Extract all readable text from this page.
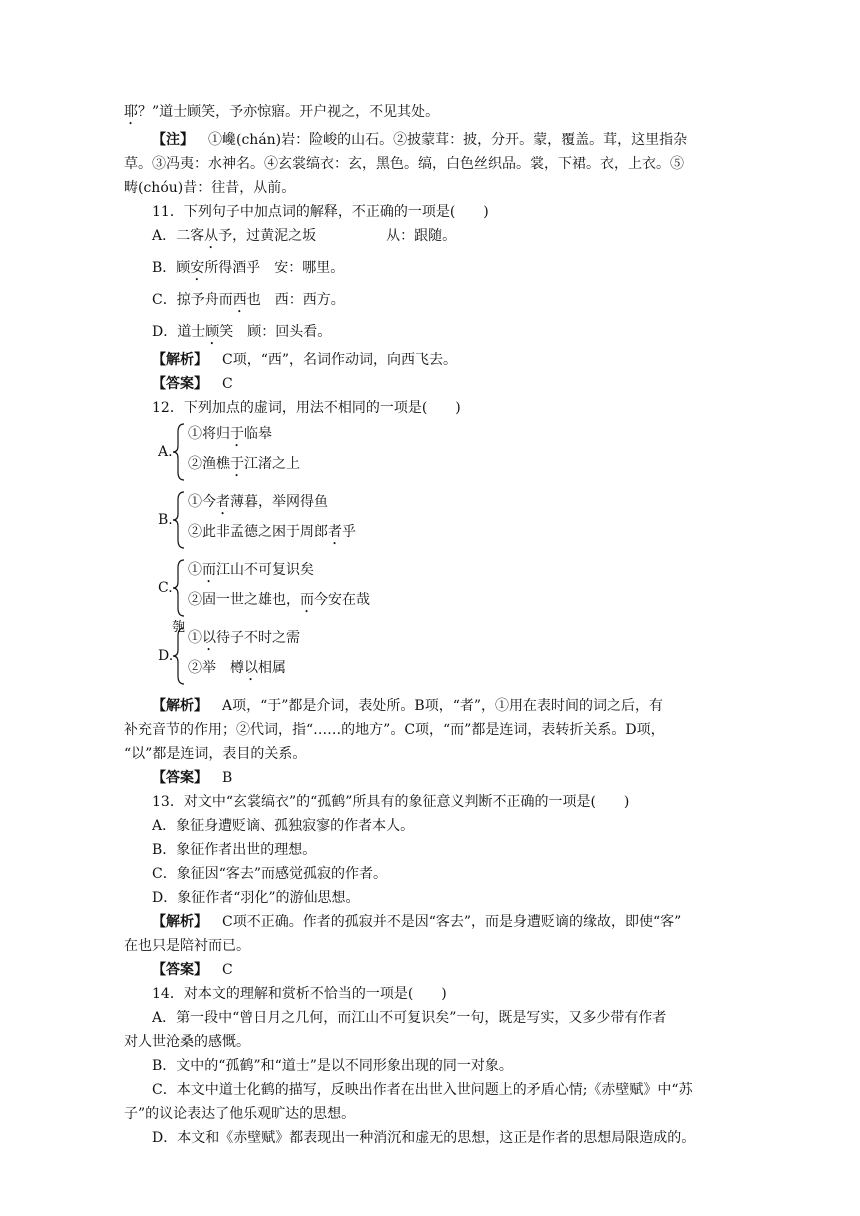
耶？”道士顾笑，予亦惊寤。开户视之，不见其处。

【注】 ①巉(chán)岩：险峻的山石。②披蒙茸：披，分开。蒙，覆盖。茸，这里指杂

草。③冯夷：水神名。④玄裳缟衣：玄，黑色。缟，白色丝织品。裳，下裙。衣，上衣。⑤

畴(chóu)昔：往昔，从前。

11．下列句子中加点词的解释，不正确的一项是(　　)

A．二客从予，过黄泥之坂	从：跟随。

B．顾安所得酒乎 安：哪里。

C．掠予舟而西也 西：西方。

D．道士顾笑 顾：回头看。

【解析】 C项，“西”，名词作动词，向西飞去。

【答案】 C

12．下列加点的虚词，用法不相同的一项是(　　)

A.
①将归于临皋
②渔樵于江渚之上
B.
①今者薄暮，举网得鱼
②此非孟德之困于周郎者乎
C.
①而江山不可复识矣
②固一世之雄也，而今安在哉
D.
匏
①以待子不时之需
②举　樽以相属

【解析】 A项，“于”都是介词，表处所。B项，“者”，①用在表时间的词之后，有

补充音节的作用；②代词，指“……的地方”。C项，“而”都是连词，表转折关系。D项，

“以”都是连词，表目的关系。

【答案】 B

13．对文中“玄裳缟衣”的“孤鹤”所具有的象征意义判断不正确的一项是(　　)

A．象征身遭贬谪、孤独寂寥的作者本人。

B．象征作者出世的理想。

C．象征因“客去”而感觉孤寂的作者。

D．象征作者“羽化”的游仙思想。

【解析】 C项不正确。作者的孤寂并不是因“客去”，而是身遭贬谪的缘故，即使“客”

在也只是陪衬而已。

【答案】 C

14．对本文的理解和赏析不恰当的一项是(　　)

A．第一段中“曾日月之几何，而江山不可复识矣”一句，既是写实，又多少带有作者

对人世沧桑的感慨。

B．文中的“孤鹤”和“道士”是以不同形象出现的同一对象。

C．本文中道士化鹤的描写，反映出作者在出世入世问题上的矛盾心情;《赤壁赋》中“苏

子”的议论表达了他乐观旷达的思想。

D．本文和《赤壁赋》都表现出一种消沉和虚无的思想，这正是作者的思想局限造成的。
